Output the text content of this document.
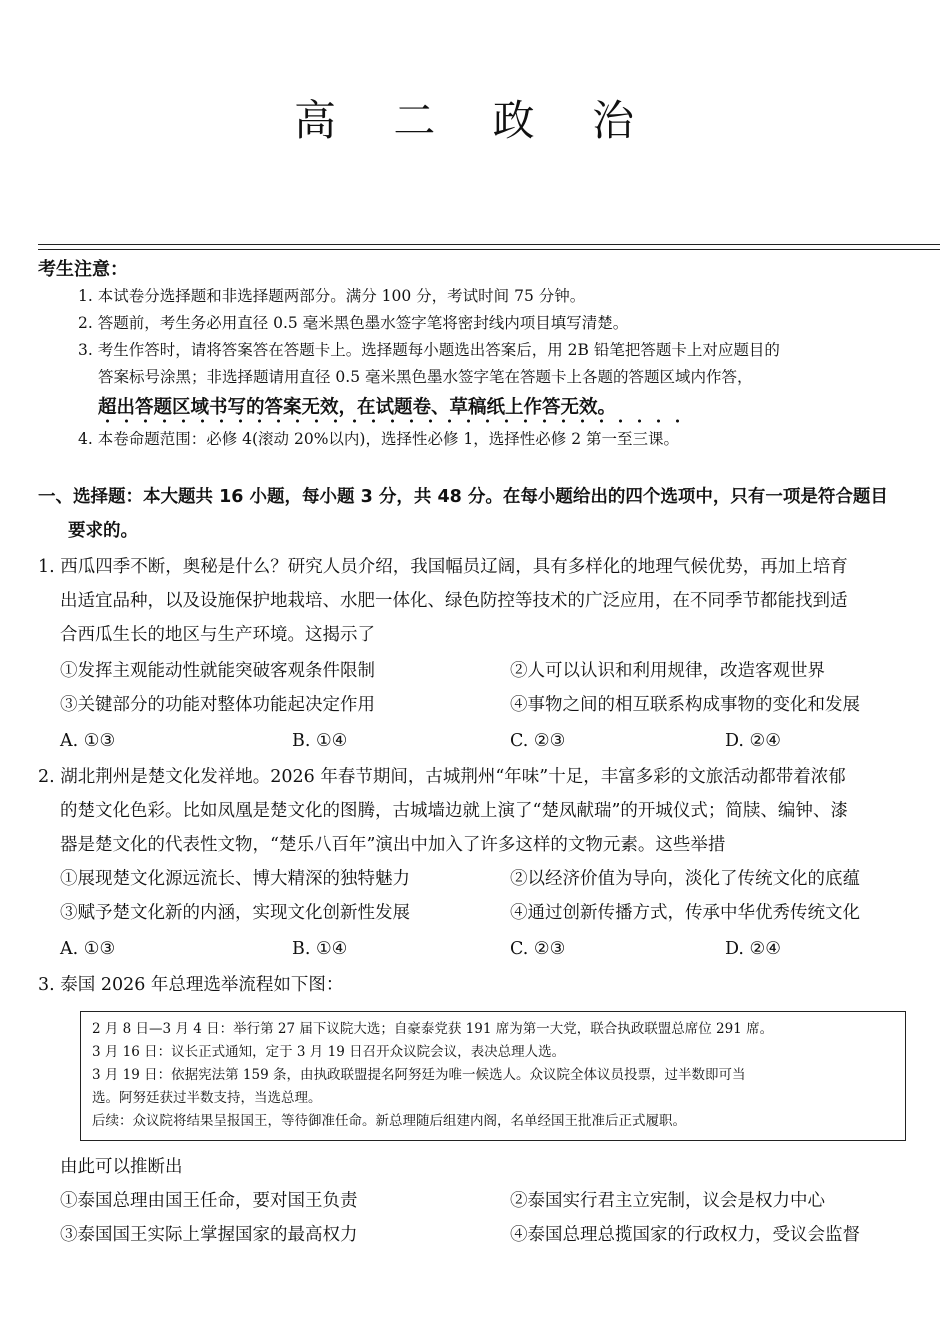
高 二 政 治
考生注意：
1. 本试卷分选择题和非选择题两部分。满分 100 分，考试时间 75 分钟。
2. 答题前，考生务必用直径 0.5 毫米黑色墨水签字笔将密封线内项目填写清楚。
3. 考生作答时，请将答案答在答题卡上。选择题每小题选出答案后，用 2B 铅笔把答题卡上对应题目的
答案标号涂黑；非选择题请用直径 0.5 毫米黑色墨水签字笔在答题卡上各题的答题区域内作答，
超出答题区域书写的答案无效，在试题卷、草稿纸上作答无效。
4. 本卷命题范围：必修 4(滚动 20%以内)，选择性必修 1，选择性必修 2 第一至三课。
一、选择题：本大题共 16 小题，每小题 3 分，共 48 分。在每小题给出的四个选项中，只有一项是符合题目
要求的。
1. 西瓜四季不断，奥秘是什么？研究人员介绍，我国幅员辽阔，具有多样化的地理气候优势，再加上培育
出适宜品种，以及设施保护地栽培、水肥一体化、绿色防控等技术的广泛应用，在不同季节都能找到适
合西瓜生长的地区与生产环境。这揭示了
①发挥主观能动性就能突破客观条件限制	②人可以认识和利用规律，改造客观世界
③关键部分的功能对整体功能起决定作用	④事物之间的相互联系构成事物的变化和发展
A. ①③	B. ①④	C. ②③	D. ②④
2. 湖北荆州是楚文化发祥地。2026 年春节期间，古城荆州“年味”十足，丰富多彩的文旅活动都带着浓郁
的楚文化色彩。比如凤凰是楚文化的图腾，古城墙边就上演了“楚凤献瑞”的开城仪式；简牍、编钟、漆
器是楚文化的代表性文物，“楚乐八百年”演出中加入了许多这样的文物元素。这些举措
①展现楚文化源远流长、博大精深的独特魅力	②以经济价值为导向，淡化了传统文化的底蕴
③赋予楚文化新的内涵，实现文化创新性发展	④通过创新传播方式，传承中华优秀传统文化
A. ①③	B. ①④	C. ②③	D. ②④
3. 泰国 2026 年总理选举流程如下图：
2 月 8 日—3 月 4 日：举行第 27 届下议院大选；自豪泰党获 191 席为第一大党，联合执政联盟总席位 291 席。
3 月 16 日：议长正式通知，定于 3 月 19 日召开众议院会议，表决总理人选。
3 月 19 日：依据宪法第 159 条，由执政联盟提名阿努廷为唯一候选人。众议院全体议员投票，过半数即可当
选。阿努廷获过半数支持，当选总理。
后续：众议院将结果呈报国王，等待御准任命。新总理随后组建内阁，名单经国王批准后正式履职。
由此可以推断出
①泰国总理由国王任命，要对国王负责	②泰国实行君主立宪制，议会是权力中心
③泰国国王实际上掌握国家的最高权力	④泰国总理总揽国家的行政权力，受议会监督
